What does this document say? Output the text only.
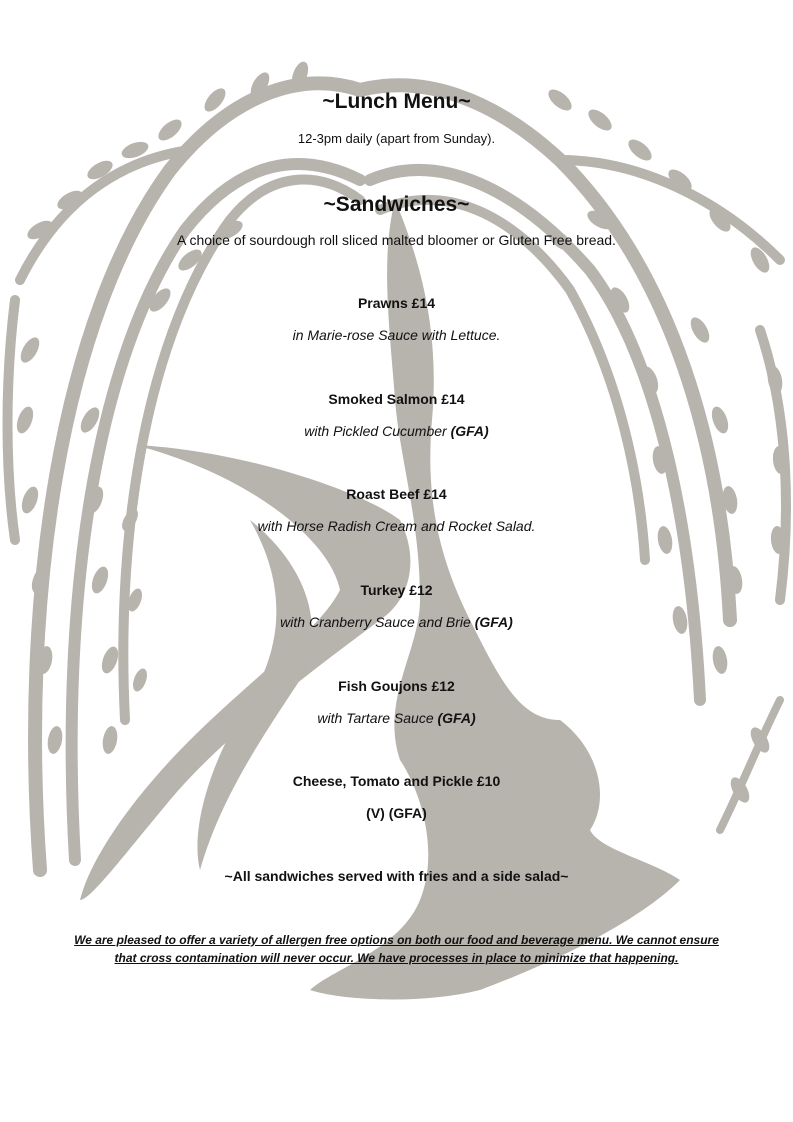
~Lunch Menu~
12-3pm daily (apart from Sunday).
~Sandwiches~
A choice of sourdough roll sliced malted bloomer or Gluten Free bread.
Prawns £14
in Marie-rose Sauce with Lettuce.
Smoked Salmon £14
with Pickled Cucumber (GFA)
Roast Beef £14
with Horse Radish Cream and Rocket Salad.
Turkey £12
with Cranberry Sauce and Brie (GFA)
Fish Goujons £12
with Tartare Sauce (GFA)
Cheese, Tomato and Pickle £10
(V) (GFA)
~All sandwiches served with fries and a side salad~
We are pleased to offer a variety of allergen free options on both our food and beverage menu. We cannot ensure
that cross contamination will never occur. We have processes in place to minimize that happening.
